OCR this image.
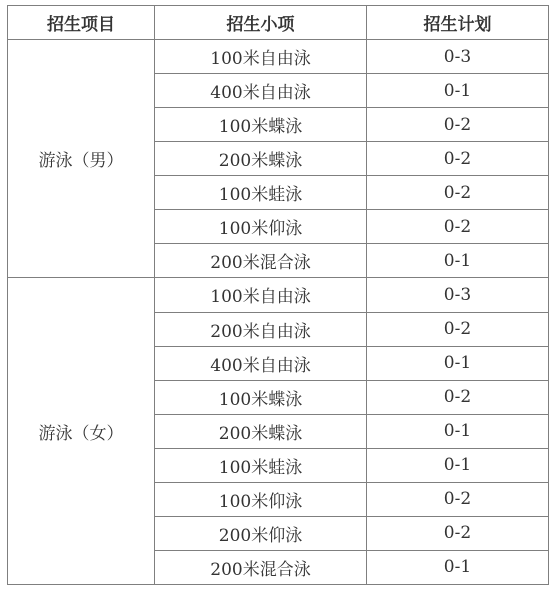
招生项目	招生小项	招生计划
游泳（男）	100米自由泳	0-3
	400米自由泳	0-1
	100米蝶泳	0-2
	200米蝶泳	0-2
	100米蛙泳	0-2
	100米仰泳	0-2
	200米混合泳	0-1
游泳（女）	100米自由泳	0-3
	200米自由泳	0-2
	400米自由泳	0-1
	100米蝶泳	0-2
	200米蝶泳	0-1
	100米蛙泳	0-1
	100米仰泳	0-2
	200米仰泳	0-2
	200米混合泳	0-1
